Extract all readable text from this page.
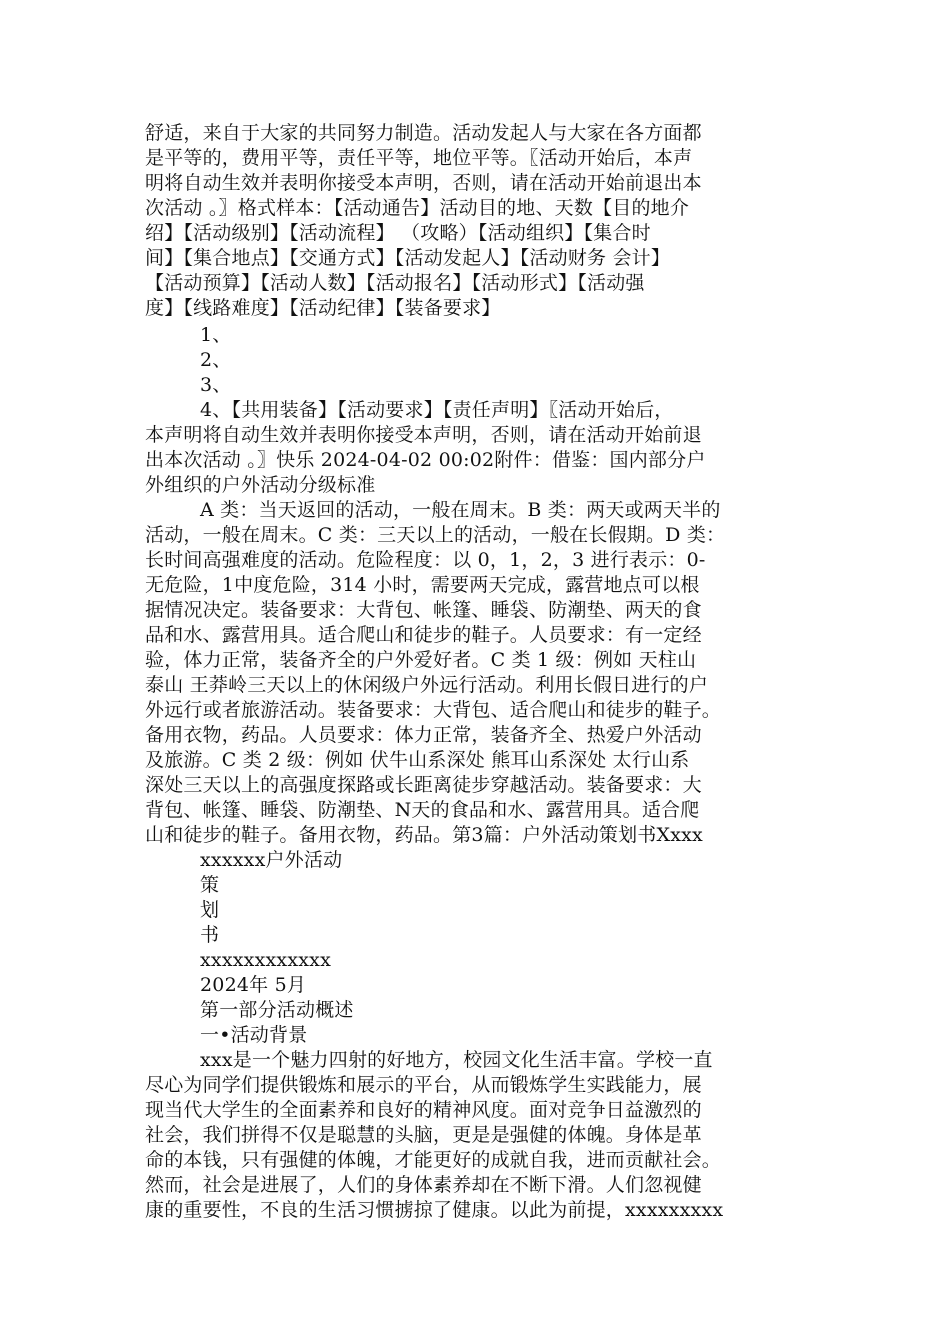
舒适，来自于大家的共同努力制造。活动发起人与大家在各方面都
是平等的，费用平等，责任平等，地位平等。〖活动开始后，本声
明将自动生效并表明你接受本声明，否则，请在活动开始前退出本
次活动 。〗格式样本：【活动通告】活动目的地、天数【目的地介
绍】【活动级别】【活动流程】 （攻略）【活动组织】【集合时
间】【集合地点】【交通方式】【活动发起人】【活动财务 会计】
【活动预算】【活动人数】【活动报名】【活动形式】【活动强
度】【线路难度】【活动纪律】【装备要求】
1、
2、
3、
4、【共用装备】【活动要求】【责任声明】〖活动开始后，
本声明将自动生效并表明你接受本声明，否则，请在活动开始前退
出本次活动 。〗快乐 2024-04-02 00:02附件：借鉴：国内部分户
外组织的户外活动分级标准
A 类：当天返回的活动，一般在周末。B 类：两天或两天半的
活动，一般在周末。C 类：三天以上的活动，一般在长假期。D 类：
长时间高强难度的活动。危险程度：以 0，1，2，3 进行表示：0-
无危险，1中度危险，314 小时，需要两天完成，露营地点可以根
据情况决定。装备要求：大背包、帐篷、睡袋、防潮垫、两天的食
品和水、露营用具。适合爬山和徒步的鞋子。人员要求：有一定经
验，体力正常，装备齐全的户外爱好者。C 类 1 级：例如 天柱山
泰山 王莽岭三天以上的休闲级户外远行活动。利用长假日进行的户
外远行或者旅游活动。装备要求：大背包、适合爬山和徒步的鞋子。
备用衣物，药品。人员要求：体力正常，装备齐全、热爱户外活动
及旅游。C 类 2 级：例如 伏牛山系深处 熊耳山系深处 太行山系
深处三天以上的高强度探路或长距离徒步穿越活动。装备要求：大
背包、帐篷、睡袋、防潮垫、N天的食品和水、露营用具。适合爬
山和徒步的鞋子。备用衣物，药品。第3篇：户外活动策划书Xxxx
xxxxxx户外活动
策
划
书
xxxxxxxxxxxx
2024年 5月
第一部分活动概述
一•活动背景
xxx是一个魅力四射的好地方，校园文化生活丰富。学校一直
尽心为同学们提供锻炼和展示的平台，从而锻炼学生实践能力，展
现当代大学生的全面素养和良好的精神风度。面对竞争日益激烈的
社会，我们拼得不仅是聪慧的头脑，更是是强健的体魄。身体是革
命的本钱，只有强健的体魄，才能更好的成就自我，进而贡献社会。
然而，社会是进展了，人们的身体素养却在不断下滑。人们忽视健
康的重要性，不良的生活习惯掳掠了健康。以此为前提，xxxxxxxxx
